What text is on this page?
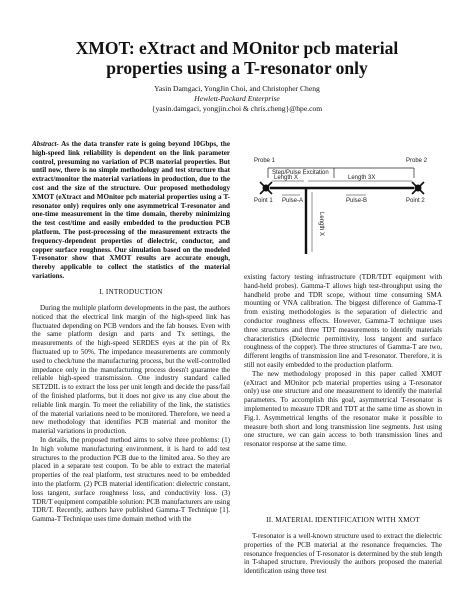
XMOT: eXtract and MOnitor pcb material
properties using a T-resonator only
Yasin Damgaci, YongJin Choi, and Christopher Cheng
Hewlett-Packard Enterprise
{yasin.damgaci, yongjin.choi & chris.cheng}@hpe.com
Abstract- As the data transfer rate is going beyond 10Gbps, the high-speed link reliability is dependent on the link parameter control, presuming no variation of PCB material properties. But until now, there is no simple methodology and test structure that extract/monitor the material variations in production, due to the cost and the size of the structure. Our proposed methodology XMOT (eXtract and MOnitor pcb material properties using a T-resonator only) requires only one asymmetrical T-resonator and one-time measurement in the time domain, thereby minimizing the test cost/time and easily embedded to the production PCB platform. The post-processing of the measurement extracts the frequency-dependent properties of dielectric, conductor, and copper surface roughness. Our simulation based on the modeled T-resonator show that XMOT results are accurate enough, thereby applicable to collect the statistics of the material variations.
I. INTRODUCTION

During the multiple platform developments in the past, the authors noticed that the electrical link margin of the high-speed link has fluctuated depending on PCB vendors and the fab houses. Even with the same platform design and parts and Tx settings, the measurements of the high-speed SERDES eyes at the pin of Rx fluctuated up to 50%. The impedance measurements are commonly used to check/tune the manufacturing process, but the well-controlled impedance only in the manufacturing process doesn't guarantee the reliable high-speed transmission. One industry standard called SET2DIL is to extract the loss per unit length and decide the pass/fail of the finished platforms, but it does not give us any clue about the reliable link margin. To meet the reliability of the link, the statistics of the material variations need to be monitored. Therefore, we need a new methodology that identifies PCB material and monitor the material variations in production.

In details, the proposed method aims to solve three problems: (1) In high volume manufacturing environment, it is hard to add test structures to the production PCB due to the limited area. So they are placed in a separate test coupon. To be able to extract the material properties of the real platform, test structures need to be embedded into the platform. (2) PCB material identification: dielectric constant, loss tangent, surface roughness loss, and conductivity loss. (3) TDR/T equipment compatible solution: PCB manufacturers are using TDR/T. Recently, authors have published Gamma-T Technique [1]. Gamma-T Technique uses time domain method with the

Probe 1	Probe 2
Step/Pulse Excitation
Length X	Length 3X
Pulse-A	Pulse-B
Point 1	Point 2
Length X

existing factory testing infrastructure (TDR/TDT equipment with hand-held probes). Gamma-T allows high test-throughput using the handheld probe and TDR scope, without time consuming SMA mounting or VNA calibration. The biggest difference of Gamma-T from existing methodologies is the separation of dielectric and conductor roughness effects. However, Gamma-T technique uses three structures and three TDT measurements to identify materials characteristics (Dielectric permittivity, loss tangent and surface roughness of the copper). The three structures of Gamma-T are two, different lengths of transmission line and T-resonator. Therefore, it is still not easily embedded to the production platform.

The new methodology proposed in this paper called XMOT (eXtract and MOnitor pcb material properties using a T-resonator only) use one structure and one measurement to identify the material parameters. To accomplish this goal, asymmetrical T-resonator is implemented to measure TDR and TDT at the same time as shown in Fig.1. Asymmetrical lengths of the resonator make it possible to measure both short and long transmission line segments. Just using one structure, we can gain access to both transmission lines and resonator response at the same time.

II. MATERIAL IDENTIFICATION WITH XMOT

T-resonator is a well-known structure used to extract the dielectric properties of the PCB material at the resonance frequencies. The resonance frequencies of T-resonator is determined by the stub length in T-shaped structure. Previously the authors proposed the material identification using three test
